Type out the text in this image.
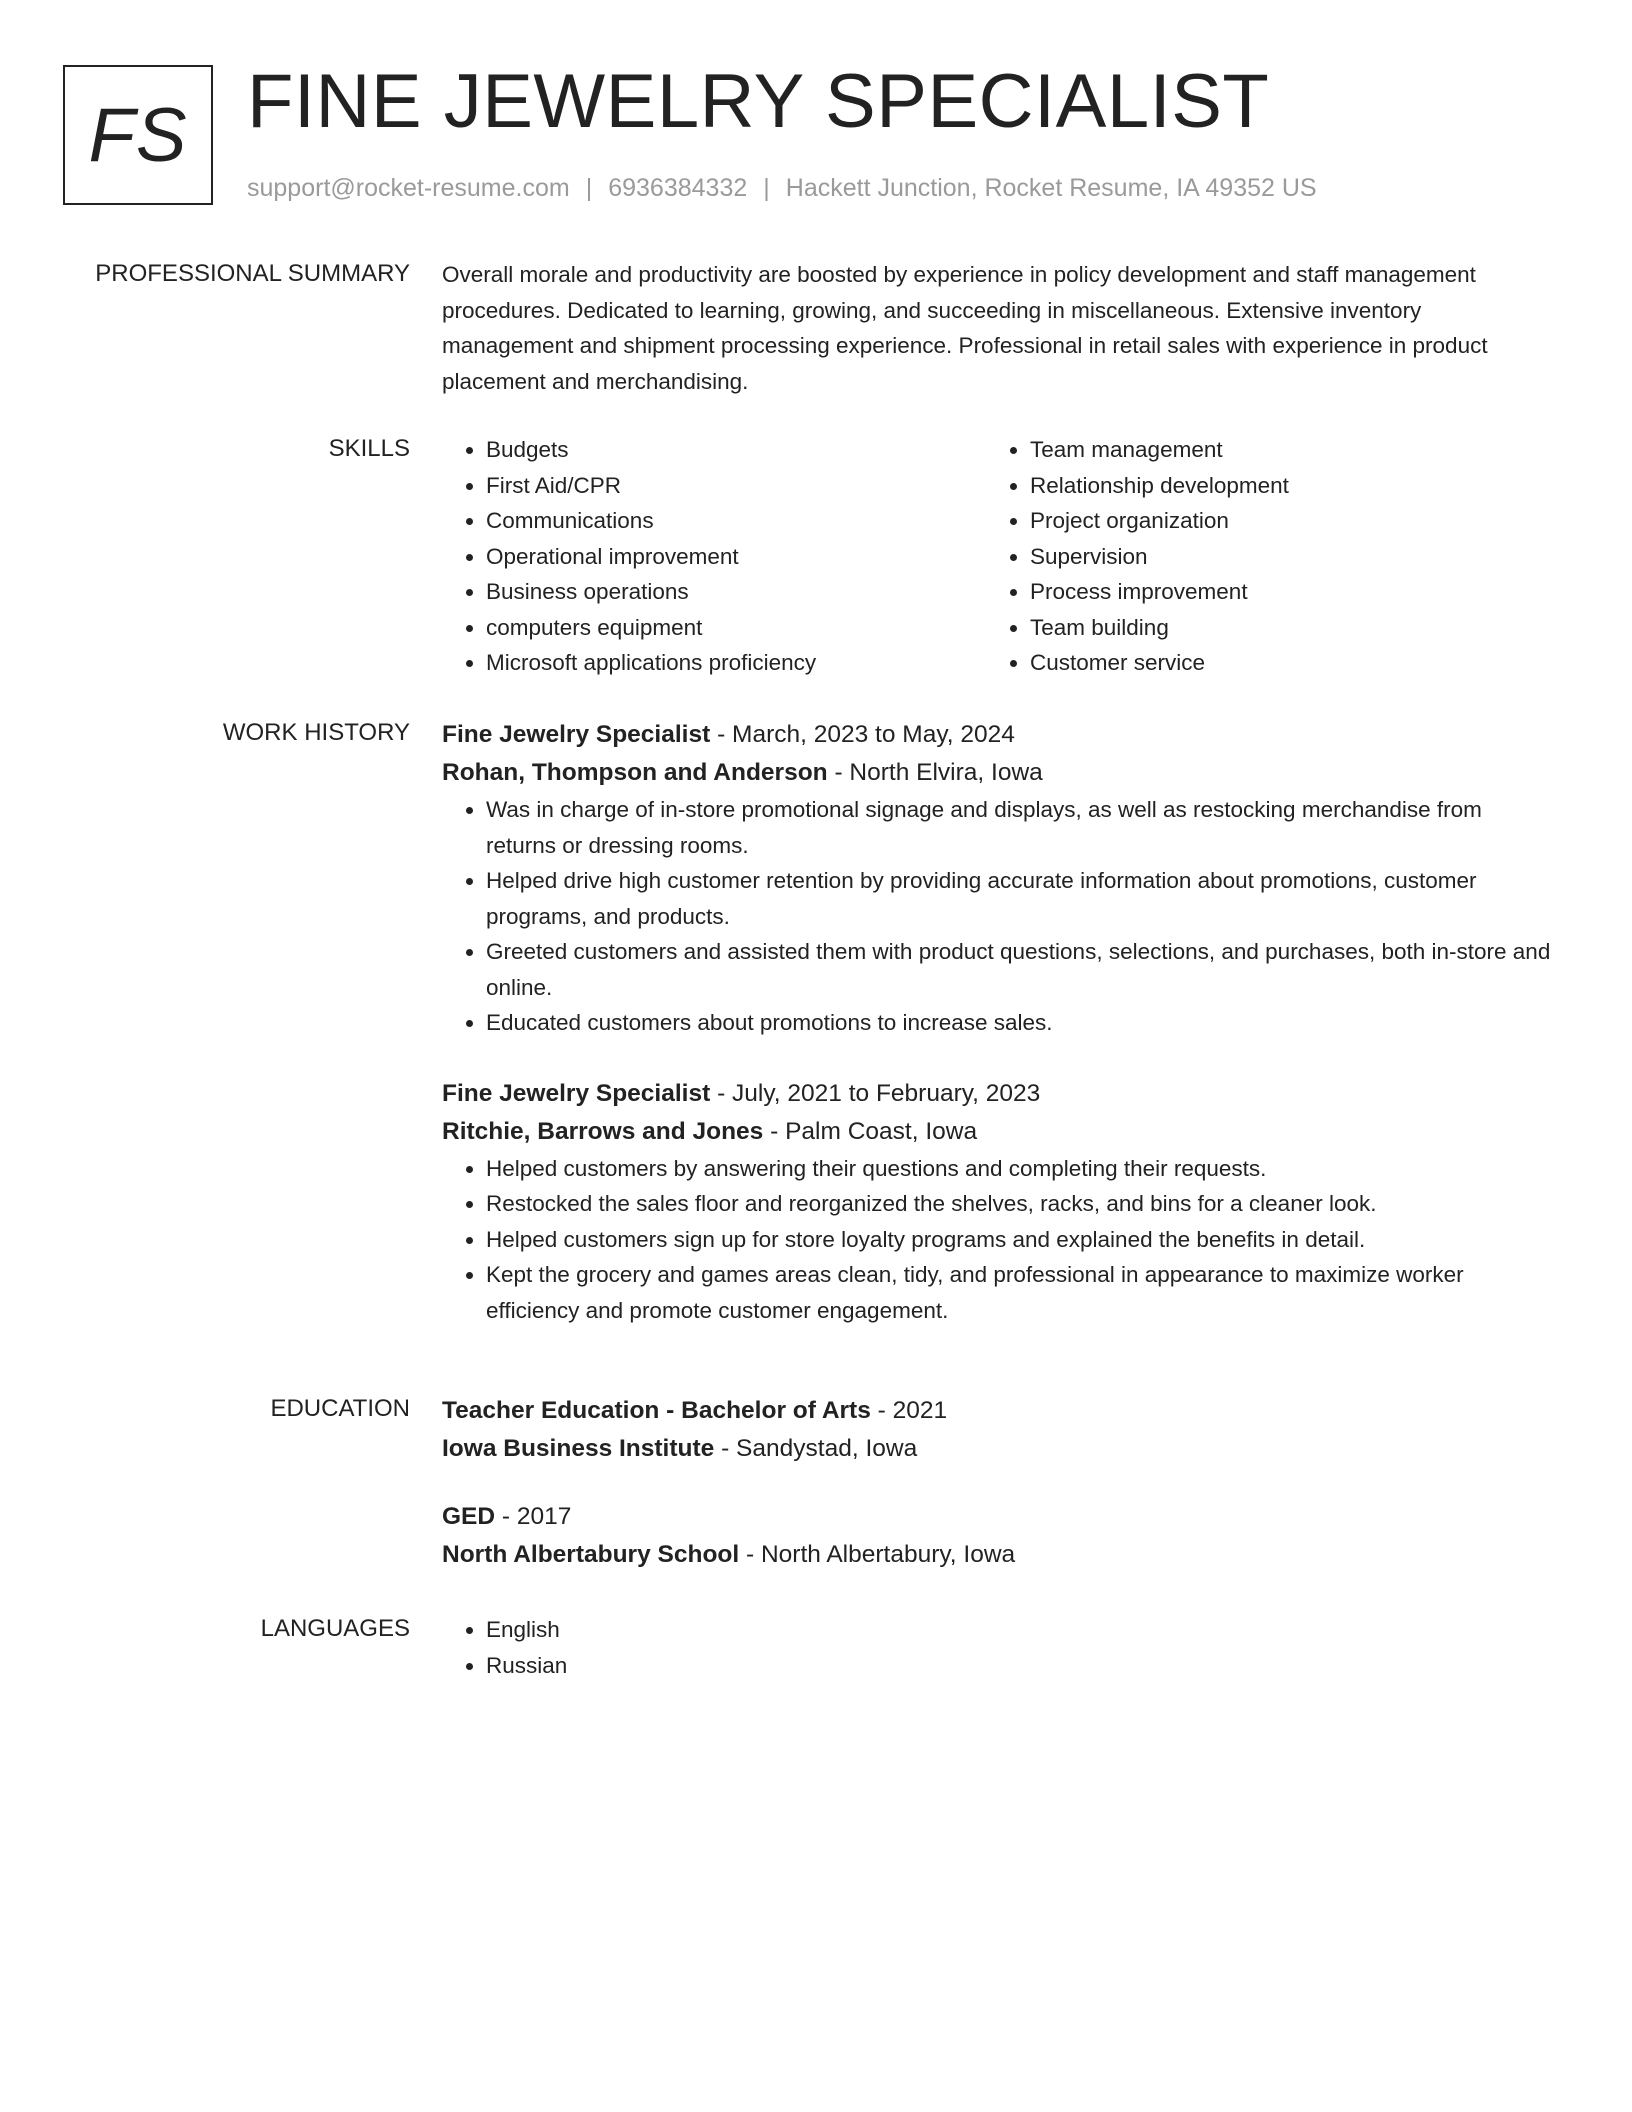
FS FINE JEWELRY SPECIALIST
support@rocket-resume.com | 6936384332 | Hackett Junction, Rocket Resume, IA 49352 US
PROFESSIONAL SUMMARY Overall morale and productivity are boosted by experience in policy development and staff management procedures. Dedicated to learning, growing, and succeeding in miscellaneous. Extensive inventory management and shipment processing experience. Professional in retail sales with experience in product placement and merchandising.
SKILLS	• Budgets
• First Aid/CPR
• Communications
• Operational improvement
• Business operations
• computers equipment
• Microsoft applications proficiency
• Team management
• Relationship development
• Project organization
• Supervision
• Process improvement
• Team building
• Customer service
WORK HISTORY Fine Jewelry Specialist - March, 2023 to May, 2024
Rohan, Thompson and Anderson - North Elvira, Iowa
• Was in charge of in-store promotional signage and displays, as well as restocking merchandise from returns or dressing rooms.
• Helped drive high customer retention by providing accurate information about promotions, customer programs, and products.
• Greeted customers and assisted them with product questions, selections, and purchases, both in-store and online.
• Educated customers about promotions to increase sales.
Fine Jewelry Specialist - July, 2021 to February, 2023
Ritchie, Barrows and Jones - Palm Coast, Iowa
• Helped customers by answering their questions and completing their requests.
• Restocked the sales floor and reorganized the shelves, racks, and bins for a cleaner look.
• Helped customers sign up for store loyalty programs and explained the benefits in detail.
• Kept the grocery and games areas clean, tidy, and professional in appearance to maximize worker efficiency and promote customer engagement.
EDUCATION Teacher Education - Bachelor of Arts - 2021
Iowa Business Institute - Sandystad, Iowa
GED - 2017
North Albertabury School - North Albertabury, Iowa
LANGUAGES	• English
• Russian
